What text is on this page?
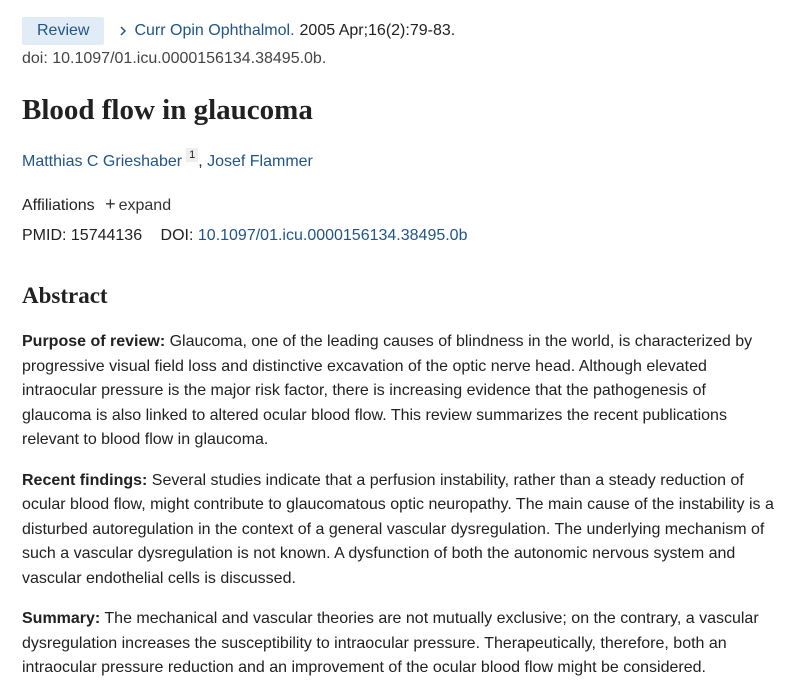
Review	Curr Opin Ophthalmol. 2005 Apr;16(2):79-83.
doi: 10.1097/01.icu.0000156134.38495.0b.
Blood flow in glaucoma
Matthias C Grieshaber 1 , Josef Flammer
Affiliations + expand
PMID: 15744136 DOI: 10.1097/01.icu.0000156134.38495.0b
Abstract

Purpose of review: Glaucoma, one of the leading causes of blindness in the world, is characterized by progressive visual field loss and distinctive excavation of the optic nerve head. Although elevated intraocular pressure is the major risk factor, there is increasing evidence that the pathogenesis of glaucoma is also linked to altered ocular blood flow. This review summarizes the recent publications relevant to blood flow in glaucoma.

Recent findings: Several studies indicate that a perfusion instability, rather than a steady reduction of ocular blood flow, might contribute to glaucomatous optic neuropathy. The main cause of the instability is a disturbed autoregulation in the context of a general vascular dysregulation. The underlying mechanism of such a vascular dysregulation is not known. A dysfunction of both the autonomic nervous system and vascular endothelial cells is discussed.

Summary: The mechanical and vascular theories are not mutually exclusive; on the contrary, a vascular dysregulation increases the susceptibility to intraocular pressure. Therapeutically, therefore, both an intraocular pressure reduction and an improvement of the ocular blood flow might be considered.
